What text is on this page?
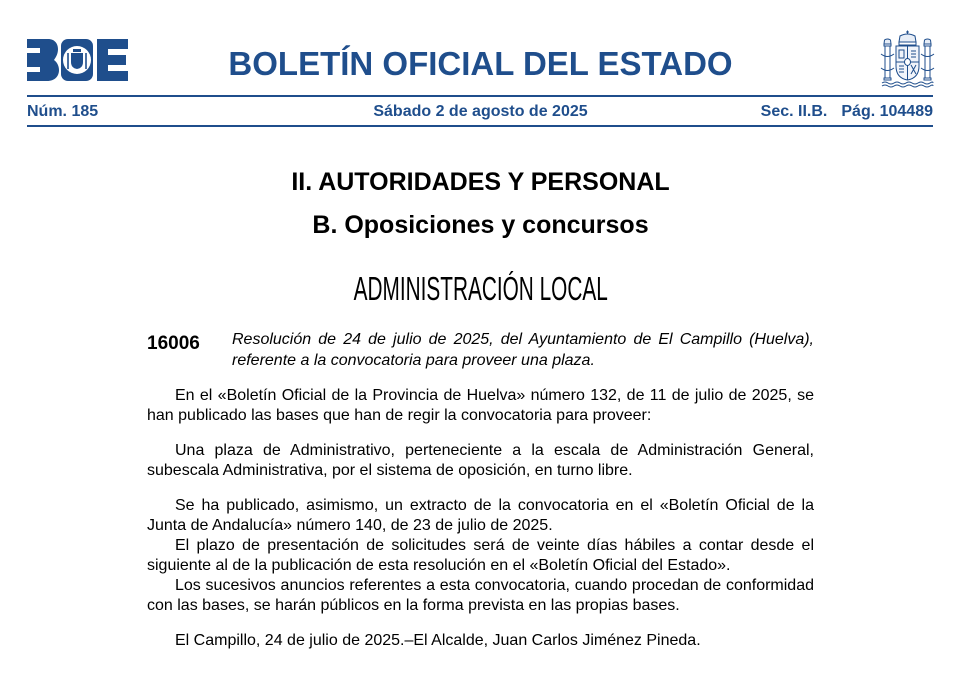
BOLETÍN OFICIAL DEL ESTADO
Núm. 185	Sábado 2 de agosto de 2025	Sec. II.B. Pág. 104489
II. AUTORIDADES Y PERSONAL
B. Oposiciones y concursos
ADMINISTRACIÓN LOCAL
16006 Resolución de 24 de julio de 2025, del Ayuntamiento de El Campillo (Huelva), referente a la convocatoria para proveer una plaza.

En el «Boletín Oficial de la Provincia de Huelva» número 132, de 11 de julio de 2025, se han publicado las bases que han de regir la convocatoria para proveer:

Una plaza de Administrativo, perteneciente a la escala de Administración General, subescala Administrativa, por el sistema de oposición, en turno libre.

Se ha publicado, asimismo, un extracto de la convocatoria en el «Boletín Oficial de la Junta de Andalucía» número 140, de 23 de julio de 2025.

El plazo de presentación de solicitudes será de veinte días hábiles a contar desde el siguiente al de la publicación de esta resolución en el «Boletín Oficial del Estado».

Los sucesivos anuncios referentes a esta convocatoria, cuando procedan de conformidad con las bases, se harán públicos en la forma prevista en las propias bases.

El Campillo, 24 de julio de 2025.–El Alcalde, Juan Carlos Jiménez Pineda.
